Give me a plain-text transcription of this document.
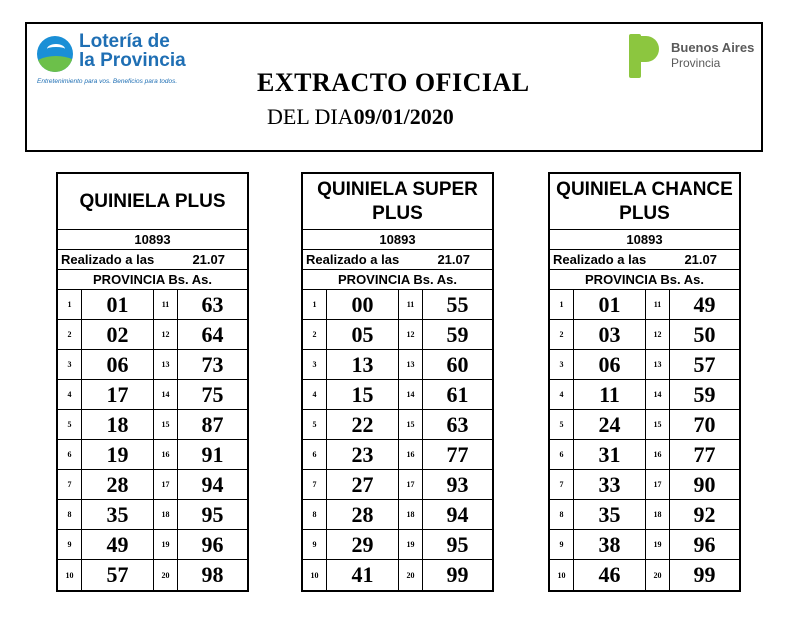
Lotería de
la Provincia
Entretenimiento para vos. Beneficios para todos.	EXTRACTO OFICIAL
DEL DIA09/01/2020
Buenos Aires
Provincia
QUINIELA PLUS
10893
Realizado a las	21.07
PROVINCIA Bs. As.
1	01	11	63
2	02	12	64
3	06	13	73
4	17	14	75
5	18	15	87
6	19	16	91
7	28	17	94
8	35	18	95
9	49	19	96
10	57	20	98
QUINIELA SUPER PLUS
10893
Realizado a las	21.07
PROVINCIA Bs. As.
1	00	11	55
2	05	12	59
3	13	13	60
4	15	14	61
5	22	15	63
6	23	16	77
7	27	17	93
8	28	18	94
9	29	19	95
10	41	20	99
QUINIELA CHANCE PLUS
10893
Realizado a las	21.07
PROVINCIA Bs. As.
1	01	11	49
2	03	12	50
3	06	13	57
4	11	14	59
5	24	15	70
6	31	16	77
7	33	17	90
8	35	18	92
9	38	19	96
10	46	20	99
